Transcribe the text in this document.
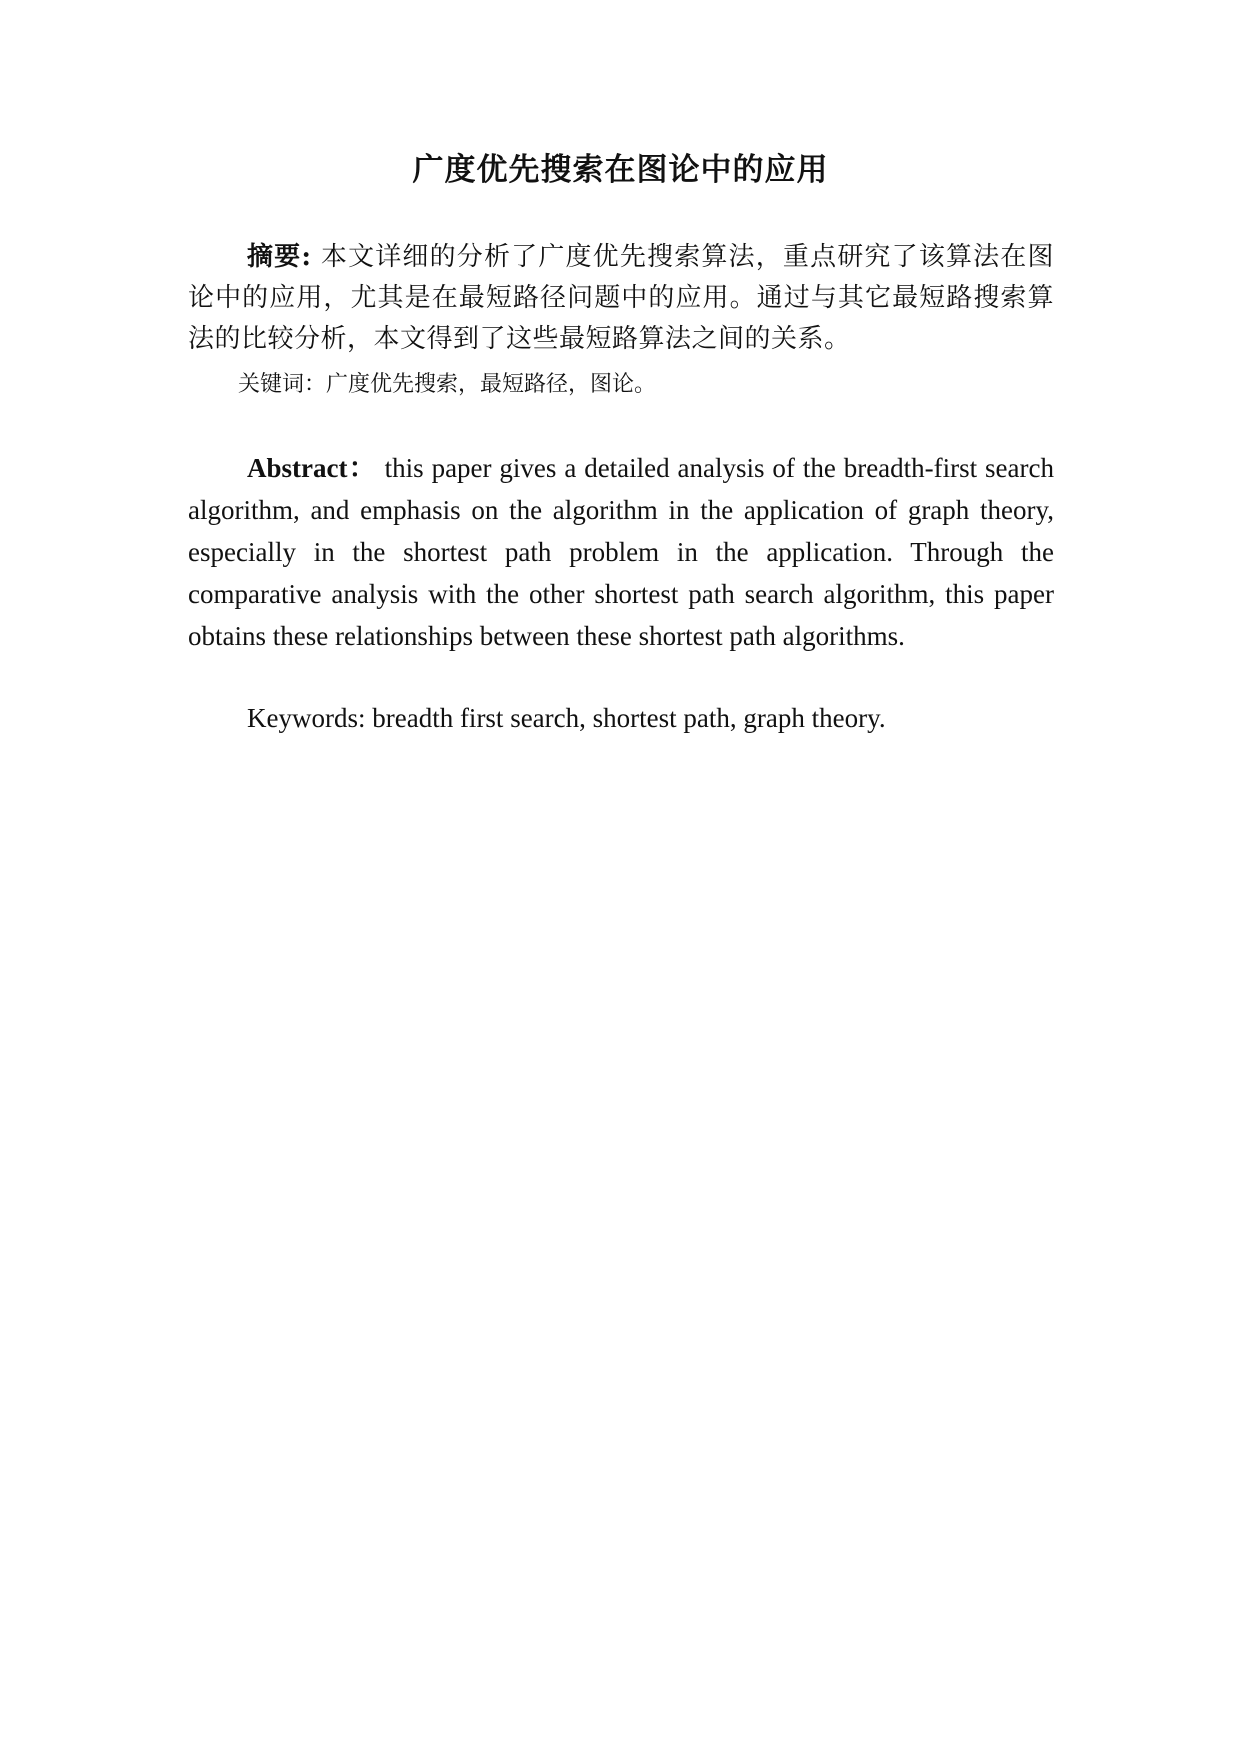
广度优先搜索在图论中的应用
摘要: 本文详细的分析了广度优先搜索算法，重点研究了该算法在图论中的应用，尤其是在最短路径问题中的应用。通过与其它最短路搜索算法的比较分析，本文得到了这些最短路算法之间的关系。
关键词：广度优先搜索，最短路径，图论。
Abstract： this paper gives a detailed analysis of the breadth-first search algorithm, and emphasis on the algorithm in the application of graph theory, especially in the shortest path problem in the application. Through the comparative analysis with the other shortest path search algorithm, this paper obtains these relationships between these shortest path algorithms.
Keywords: breadth first search, shortest path, graph theory.
